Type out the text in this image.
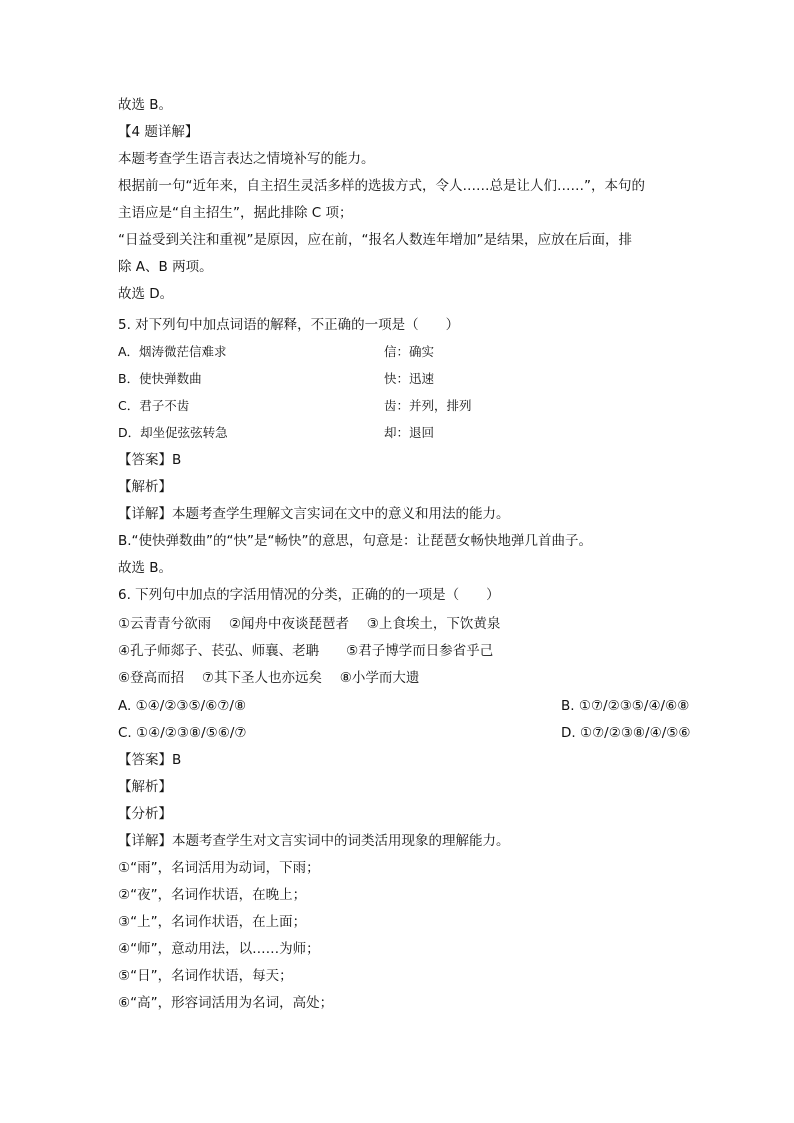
故选 B。
【4 题详解】
本题考查学生语言表达之情境补写的能力。
根据前一句“近年来，自主招生灵活多样的选拔方式，令人……总是让人们……”，本句的
主语应是“自主招生”，据此排除 C 项；
“日益受到关注和重视”是原因，应在前，“报名人数连年增加”是结果，应放在后面，排
除 A、B 两项。
故选 D。
5. 对下列句中加点词语的解释，不正确的一项是（　　）
A．烟涛微茫信难求	信：确实
B．使快弹数曲	快：迅速
C．君子不齿	齿：并列，排列
D．却坐促弦弦转急	却：退回
【答案】B
【解析】
【详解】本题考查学生理解文言实词在文中的意义和用法的能力。
B.“使快弹数曲”的“快”是“畅快”的意思，句意是：让琵琶女畅快地弹几首曲子。
故选 B。
6. 下列句中加点的字活用情况的分类，正确的的一项是（　　）
①云青青兮欲雨　 ②闻舟中夜谈琵琶者　 ③上食埃土，下饮黄泉
④孔子师郯子、苌弘、师襄、老聃　　⑤君子博学而日参省乎己
⑥登高而招　 ⑦其下圣人也亦远矣　 ⑧小学而大遗
A. ①④/②③⑤/⑥⑦/⑧	B. ①⑦/②③⑤/④/⑥⑧
C. ①④/②③⑧/⑤⑥/⑦	D. ①⑦/②③⑧/④/⑤⑥
【答案】B
【解析】
【分析】
【详解】本题考查学生对文言实词中的词类活用现象的理解能力。
①“雨”，名词活用为动词，下雨；
②“夜”，名词作状语，在晚上；
③“上”，名词作状语，在上面；
④“师”，意动用法，以……为师；
⑤“日”，名词作状语，每天；
⑥“高”，形容词活用为名词，高处；
